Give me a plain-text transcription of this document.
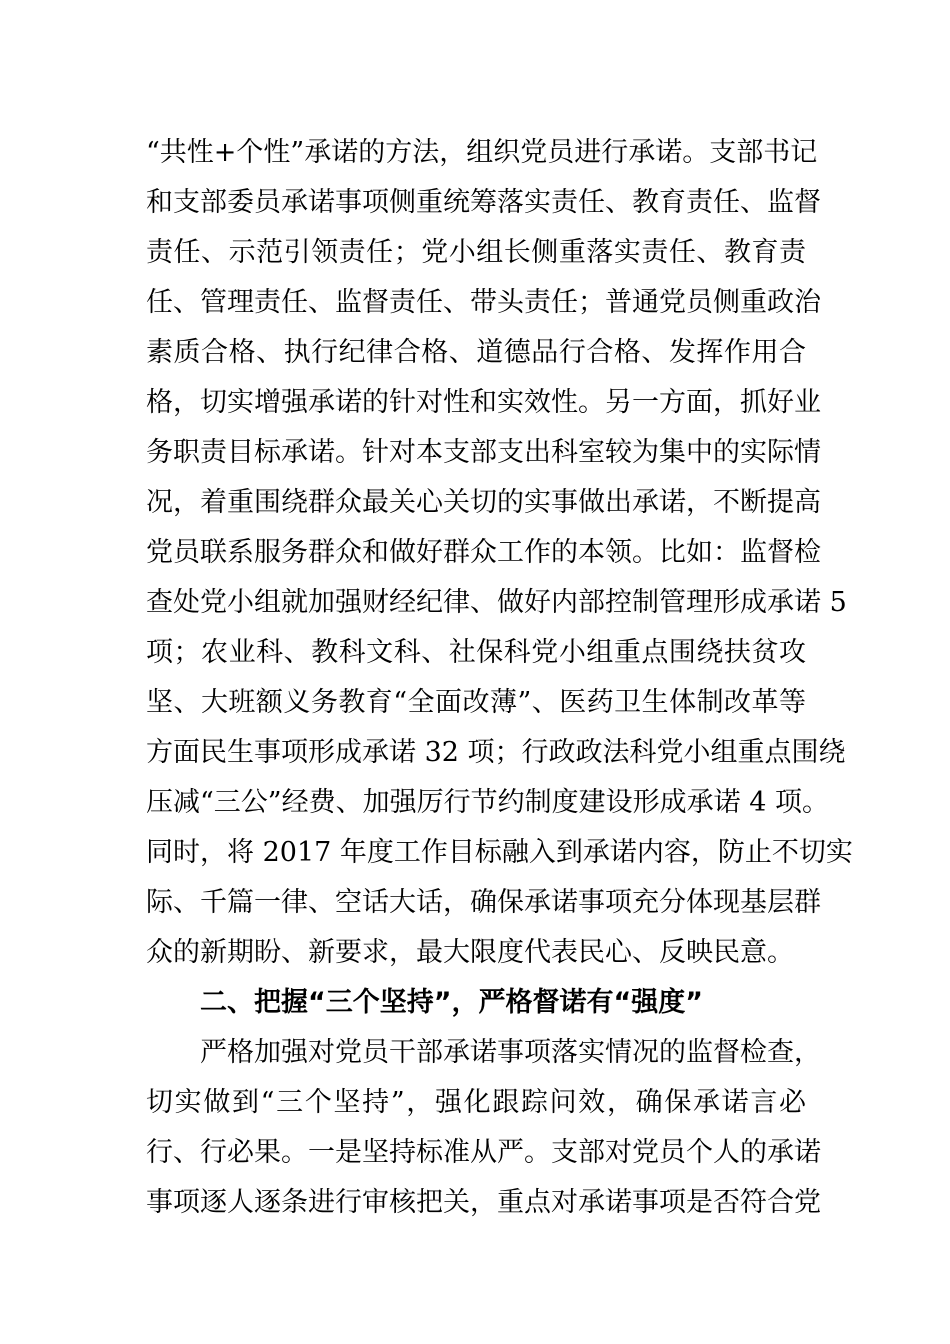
“共性+个性”承诺的方法，组织党员进行承诺。支部书记
和支部委员承诺事项侧重统筹落实责任、教育责任、监督
责任、示范引领责任；党小组长侧重落实责任、教育责
任、管理责任、监督责任、带头责任；普通党员侧重政治
素质合格、执行纪律合格、道德品行合格、发挥作用合
格，切实增强承诺的针对性和实效性。另一方面，抓好业
务职责目标承诺。针对本支部支出科室较为集中的实际情
况，着重围绕群众最关心关切的实事做出承诺，不断提高
党员联系服务群众和做好群众工作的本领。比如：监督检
查处党小组就加强财经纪律、做好内部控制管理形成承诺 5
项；农业科、教科文科、社保科党小组重点围绕扶贫攻
坚、大班额义务教育“全面改薄”、医药卫生体制改革等
方面民生事项形成承诺 32 项；行政政法科党小组重点围绕
压减“三公”经费、加强厉行节约制度建设形成承诺 4 项。
同时，将 2017 年度工作目标融入到承诺内容，防止不切实
际、千篇一律、空话大话，确保承诺事项充分体现基层群
众的新期盼、新要求，最大限度代表民心、反映民意。
二、把握“三个坚持”，严格督诺有“强度”
严格加强对党员干部承诺事项落实情况的监督检查，
切实做到“三个坚持”，强化跟踪问效，确保承诺言必
行、行必果。一是坚持标准从严。支部对党员个人的承诺
事项逐人逐条进行审核把关，重点对承诺事项是否符合党
